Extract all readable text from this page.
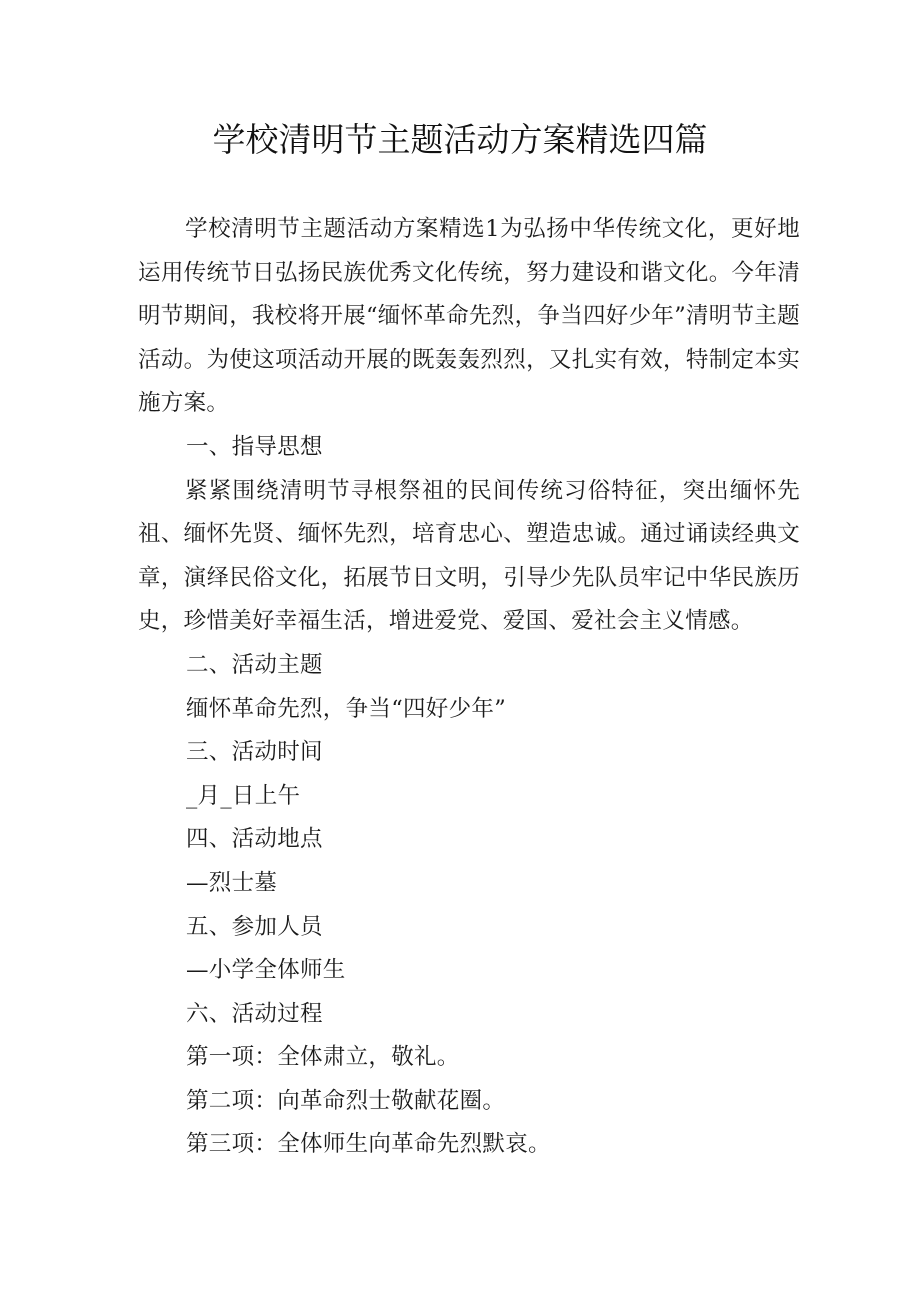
学校清明节主题活动方案精选四篇

学校清明节主题活动方案精选1为弘扬中华传统文化，更好地运用传统节日弘扬民族优秀文化传统，努力建设和谐文化。今年清明节期间，我校将开展“缅怀革命先烈，争当四好少年”清明节主题活动。为使这项活动开展的既轰轰烈烈，又扎实有效，特制定本实施方案。

一、指导思想

紧紧围绕清明节寻根祭祖的民间传统习俗特征，突出缅怀先祖、缅怀先贤、缅怀先烈，培育忠心、塑造忠诚。通过诵读经典文章，演绎民俗文化，拓展节日文明，引导少先队员牢记中华民族历史，珍惜美好幸福生活，增进爱党、爱国、爱社会主义情感。

二、活动主题

缅怀革命先烈，争当“四好少年”

三、活动时间

_月_日上午

四、活动地点

—烈士墓

五、参加人员

—小学全体师生

六、活动过程

第一项：全体肃立，敬礼。

第二项：向革命烈士敬献花圈。

第三项：全体师生向革命先烈默哀。
